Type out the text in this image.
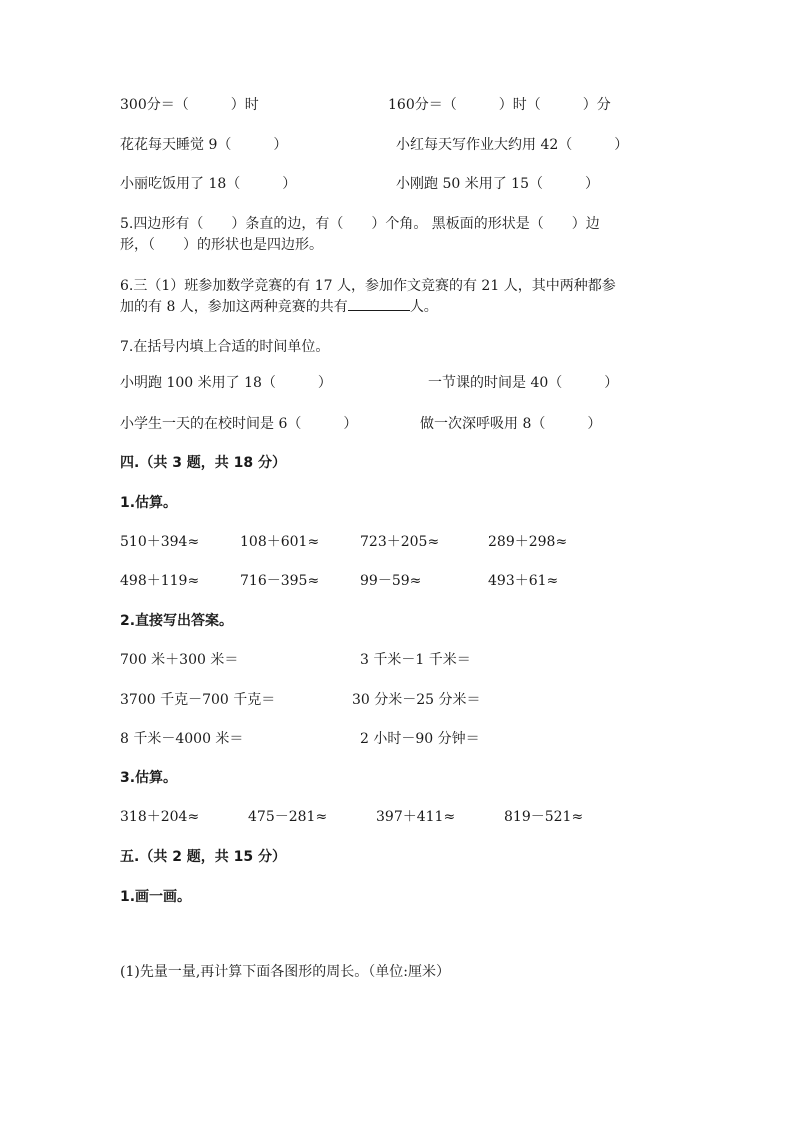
300分＝（　　　）时	160分＝（　　　）时（　　　）分
花花每天睡觉 9（　　　）	小红每天写作业大约用 42（　　　）
小丽吃饭用了 18（　　　）	小刚跑 50 米用了 15（　　　）
5.四边形有（　　）条直的边，有（　　）个角。 黑板面的形状是（　　）边
形，（　　）的形状也是四边形。
6.三（1）班参加数学竞赛的有 17 人，参加作文竞赛的有 21 人，其中两种都参
加的有 8 人，参加这两种竞赛的共有	人。
7.在括号内填上合适的时间单位。
小明跑 100 米用了 18（　　　）	一节课的时间是 40（　　　）
小学生一天的在校时间是 6（　　　）	做一次深呼吸用 8（　　　）
四.（共 3 题，共 18 分）
1.估算。
510＋394≈	108＋601≈	723＋205≈	289＋298≈
498＋119≈	716－395≈	99－59≈	493＋61≈
2.直接写出答案。
700 米＋300 米＝	3 千米－1 千米＝
3700 千克－700 千克＝	30 分米－25 分米＝
8 千米－4000 米＝	2 小时－90 分钟＝
3.估算。
318＋204≈	475－281≈	397＋411≈	819－521≈
五.（共 2 题，共 15 分）
1.画一画。
(1)先量一量,再计算下面各图形的周长。（单位:厘米）
